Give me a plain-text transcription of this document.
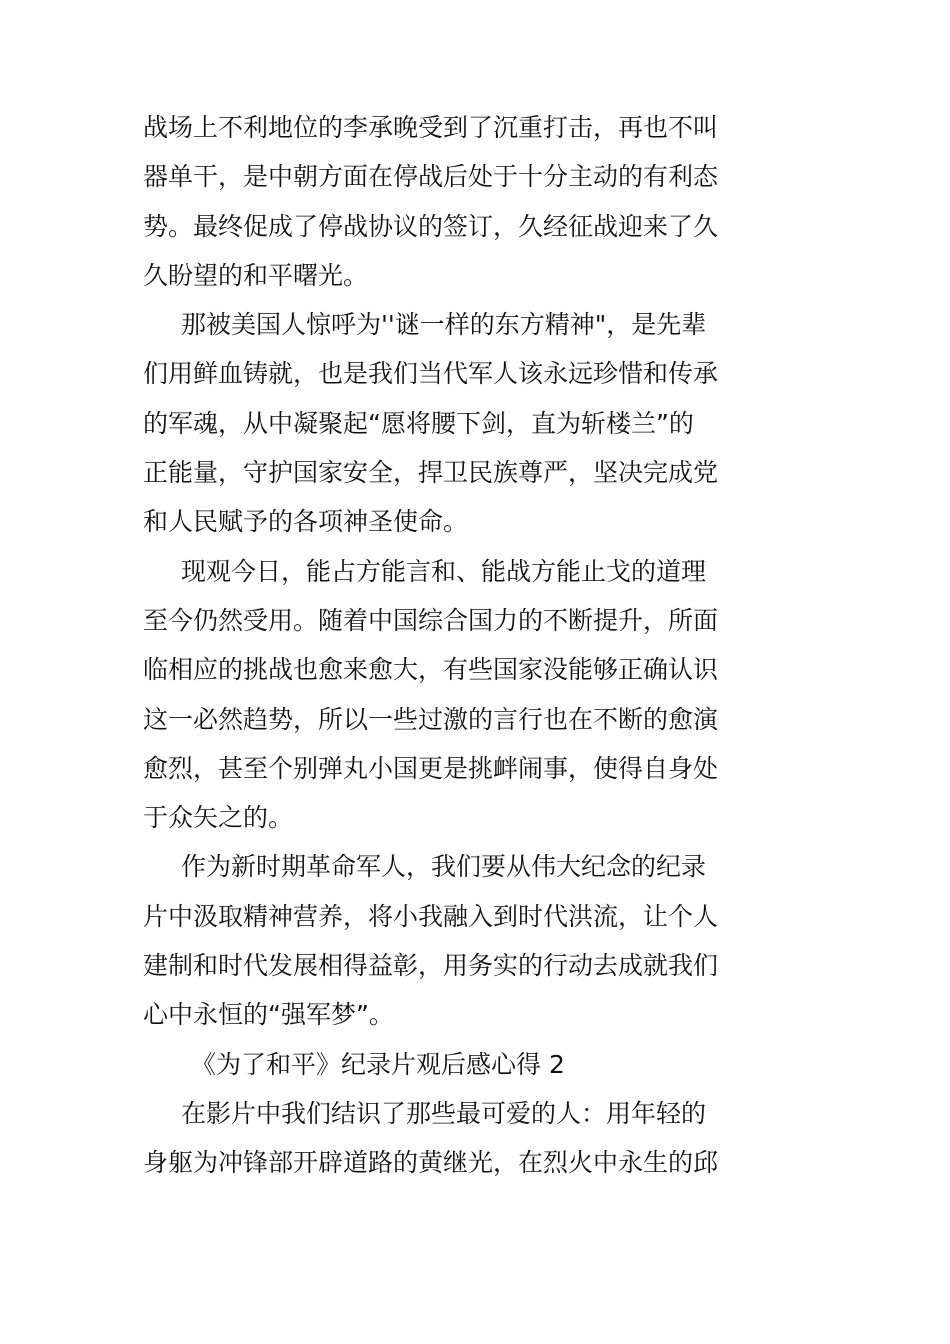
战场上不利地位的李承晚受到了沉重打击，再也不叫
器单干，是中朝方面在停战后处于十分主动的有利态
势。最终促成了停战协议的签订，久经征战迎来了久
久盼望的和平曙光。
那被美国人惊呼为''谜一样的东方精神"，是先辈
们用鲜血铸就，也是我们当代军人该永远珍惜和传承
的军魂，从中凝聚起“愿将腰下剑，直为斩楼兰”的
正能量，守护国家安全，捍卫民族尊严，坚决完成党
和人民赋予的各项神圣使命。
现观今日，能占方能言和、能战方能止戈的道理
至今仍然受用。随着中国综合国力的不断提升，所面
临相应的挑战也愈来愈大，有些国家没能够正确认识
这一必然趋势，所以一些过激的言行也在不断的愈演
愈烈，甚至个别弹丸小国更是挑衅闹事，使得自身处
于众矢之的。
作为新时期革命军人，我们要从伟大纪念的纪录
片中汲取精神营养，将小我融入到时代洪流，让个人
建制和时代发展相得益彰，用务实的行动去成就我们
心中永恒的“强军梦”。
《为了和平》纪录片观后感心得 2
在影片中我们结识了那些最可爱的人：用年轻的
身躯为冲锋部开辟道路的黄继光，在烈火中永生的邱
